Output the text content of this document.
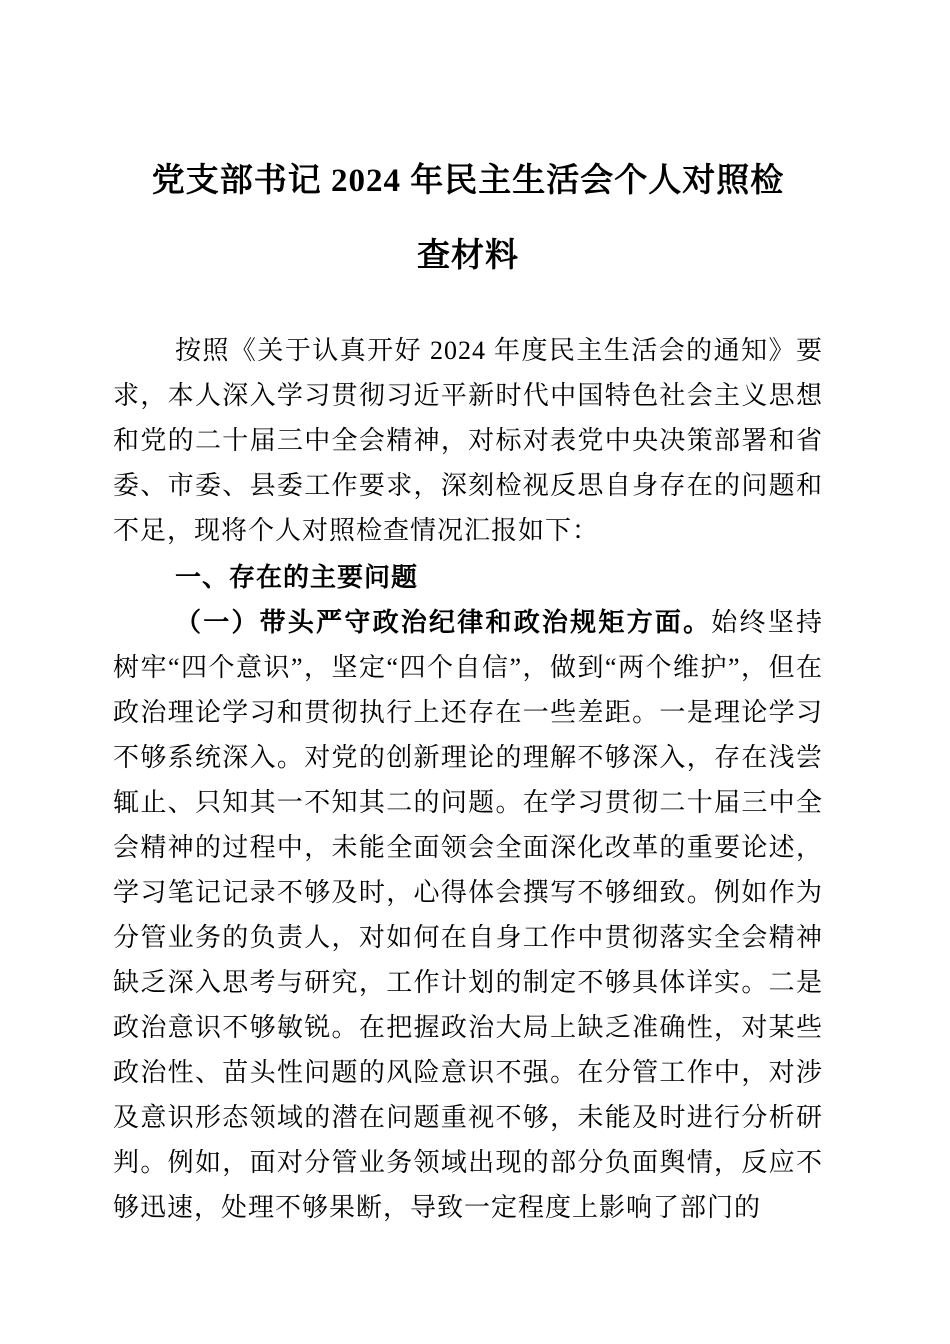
党支部书记 2024 年民主生活会个人对照检
查材料

按照《关于认真开好 2024 年度民主生活会的通知》要求，本人深入学习贯彻习近平新时代中国特色社会主义思想和党的二十届三中全会精神，对标对表党中央决策部署和省委、市委、县委工作要求，深刻检视反思自身存在的问题和不足，现将个人对照检查情况汇报如下：

一、存在的主要问题

（一）带头严守政治纪律和政治规矩方面。始终坚持树牢“四个意识”，坚定“四个自信”，做到“两个维护”，但在政治理论学习和贯彻执行上还存在一些差距。一是理论学习不够系统深入。对党的创新理论的理解不够深入，存在浅尝辄止、只知其一不知其二的问题。在学习贯彻二十届三中全会精神的过程中，未能全面领会全面深化改革的重要论述，学习笔记记录不够及时，心得体会撰写不够细致。例如作为分管业务的负责人，对如何在自身工作中贯彻落实全会精神缺乏深入思考与研究，工作计划的制定不够具体详实。二是政治意识不够敏锐。在把握政治大局上缺乏准确性，对某些政治性、苗头性问题的风险意识不强。在分管工作中，对涉及意识形态领域的潜在问题重视不够，未能及时进行分析研判。例如，面对分管业务领域出现的部分负面舆情，反应不够迅速，处理不够果断，导致一定程度上影响了部门的
